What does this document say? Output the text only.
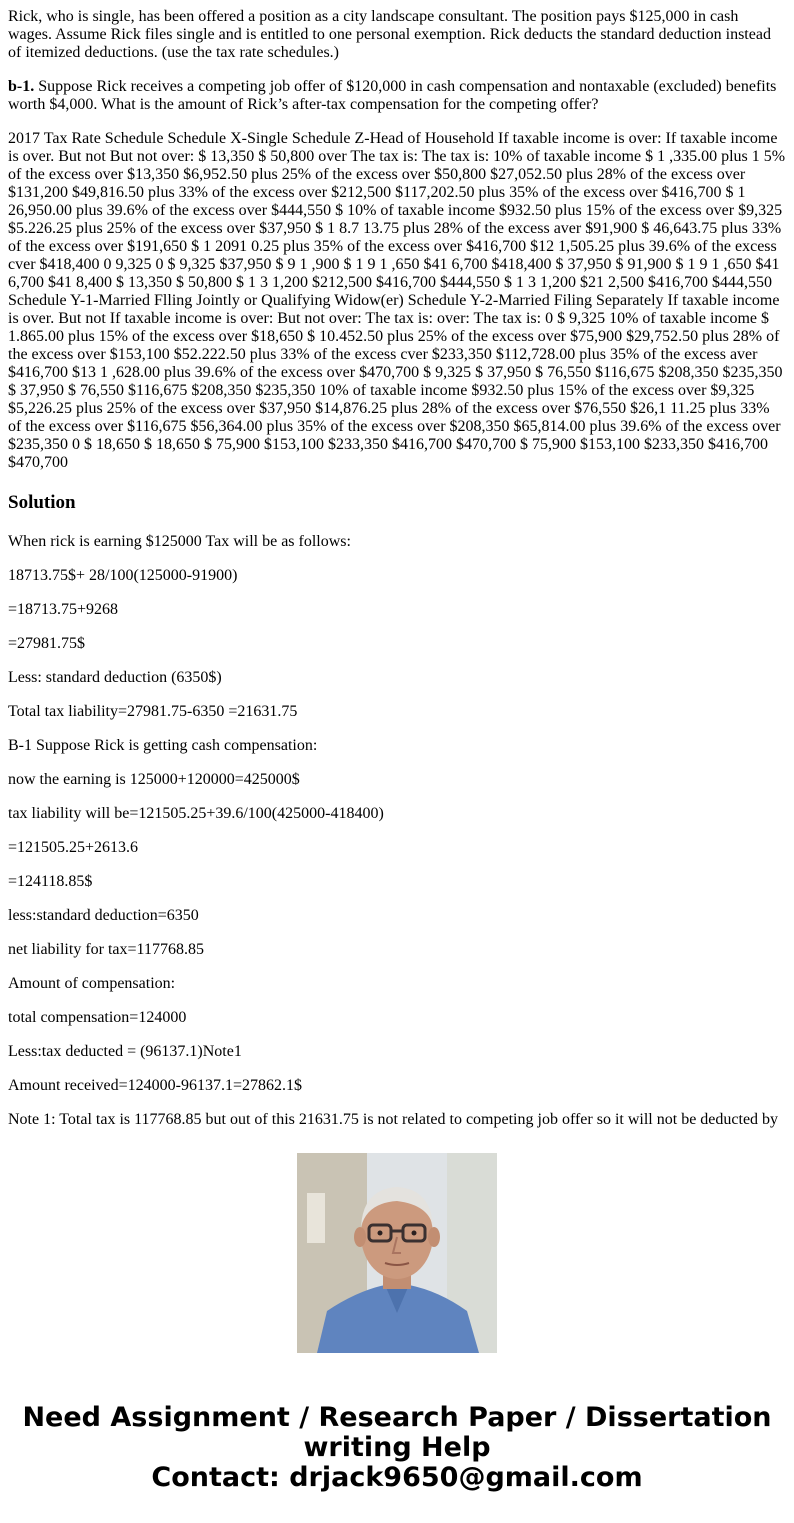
Rick, who is single, has been offered a position as a city landscape consultant. The position pays $125,000 in cash wages. Assume Rick files single and is entitled to one personal exemption. Rick deducts the standard deduction instead of itemized deductions. (use the tax rate schedules.)

b-1. Suppose Rick receives a competing job offer of $120,000 in cash compensation and nontaxable (excluded) benefits worth $4,000. What is the amount of Rick’s after-tax compensation for the competing offer?

2017 Tax Rate Schedule Schedule X-Single Schedule Z-Head of Household If taxable income is over: If taxable income is over. But not But not over: $ 13,350 $ 50,800 over The tax is: The tax is: 10% of taxable income $ 1 ,335.00 plus 1 5% of the excess over $13,350 $6,952.50 plus 25% of the excess over $50,800 $27,052.50 plus 28% of the excess over $131,200 $49,816.50 plus 33% of the excess over $212,500 $117,202.50 plus 35% of the excess over $416,700 $ 1 26,950.00 plus 39.6% of the excess over $444,550 $ 10% of taxable income $932.50 plus 15% of the excess over $9,325 $5.226.25 plus 25% of the excess over $37,950 $ 1 8.7 13.75 plus 28% of the excess aver $91,900 $ 46,643.75 plus 33% of the excess over $191,650 $ 1 2091 0.25 plus 35% of the excess over $416,700 $12 1,505.25 plus 39.6% of the excess cver $418,400 0 9,325 0 $ 9,325 $37,950 $ 9 1 ,900 $ 1 9 1 ,650 $41 6,700 $418,400 $ 37,950 $ 91,900 $ 1 9 1 ,650 $41 6,700 $41 8,400 $ 13,350 $ 50,800 $ 1 3 1,200 $212,500 $416,700 $444,550 $ 1 3 1,200 $21 2,500 $416,700 $444,550 Schedule Y-1-Married Flling Jointly or Qualifying Widow(er) Schedule Y-2-Married Filing Separately If taxable income is over. But not If taxable income is over: But not over: The tax is: over: The tax is: 0 $ 9,325 10% of taxable income $ 1.865.00 plus 15% of the excess over $18,650 $ 10.452.50 plus 25% of the excess over $75,900 $29,752.50 plus 28% of the excess over $153,100 $52.222.50 plus 33% of the excess cver $233,350 $112,728.00 plus 35% of the excess aver $416,700 $13 1 ,628.00 plus 39.6% of the excess over $470,700 $ 9,325 $ 37,950 $ 76,550 $116,675 $208,350 $235,350 $ 37,950 $ 76,550 $116,675 $208,350 $235,350 10% of taxable income $932.50 plus 15% of the excess over $9,325 $5,226.25 plus 25% of the excess over $37,950 $14,876.25 plus 28% of the excess over $76,550 $26,1 11.25 plus 33% of the excess over $116,675 $56,364.00 plus 35% of the excess over $208,350 $65,814.00 plus 39.6% of the excess over $235,350 0 $ 18,650 $ 18,650 $ 75,900 $153,100 $233,350 $416,700 $470,700 $ 75,900 $153,100 $233,350 $416,700 $470,700

Solution

When rick is earning $125000 Tax will be as follows:

18713.75$+ 28/100(125000-91900)

=18713.75+9268

=27981.75$

Less: standard deduction (6350$)

Total tax liability=27981.75-6350 =21631.75

B-1 Suppose Rick is getting cash compensation:

now the earning is 125000+120000=425000$

tax liability will be=121505.25+39.6/100(425000-418400)

=121505.25+2613.6

=124118.85$

less:standard deduction=6350

net liability for tax=117768.85

Amount of compensation:

total compensation=124000

Less:tax deducted = (96137.1)Note1

Amount received=124000-96137.1=27862.1$

Note 1: Total tax is 117768.85 but out of this 21631.75 is not related to competing job offer so it will not be deducted by

Need Assignment / Research Paper / Dissertation
writing Help
Contact: drjack9650@gmail.com
